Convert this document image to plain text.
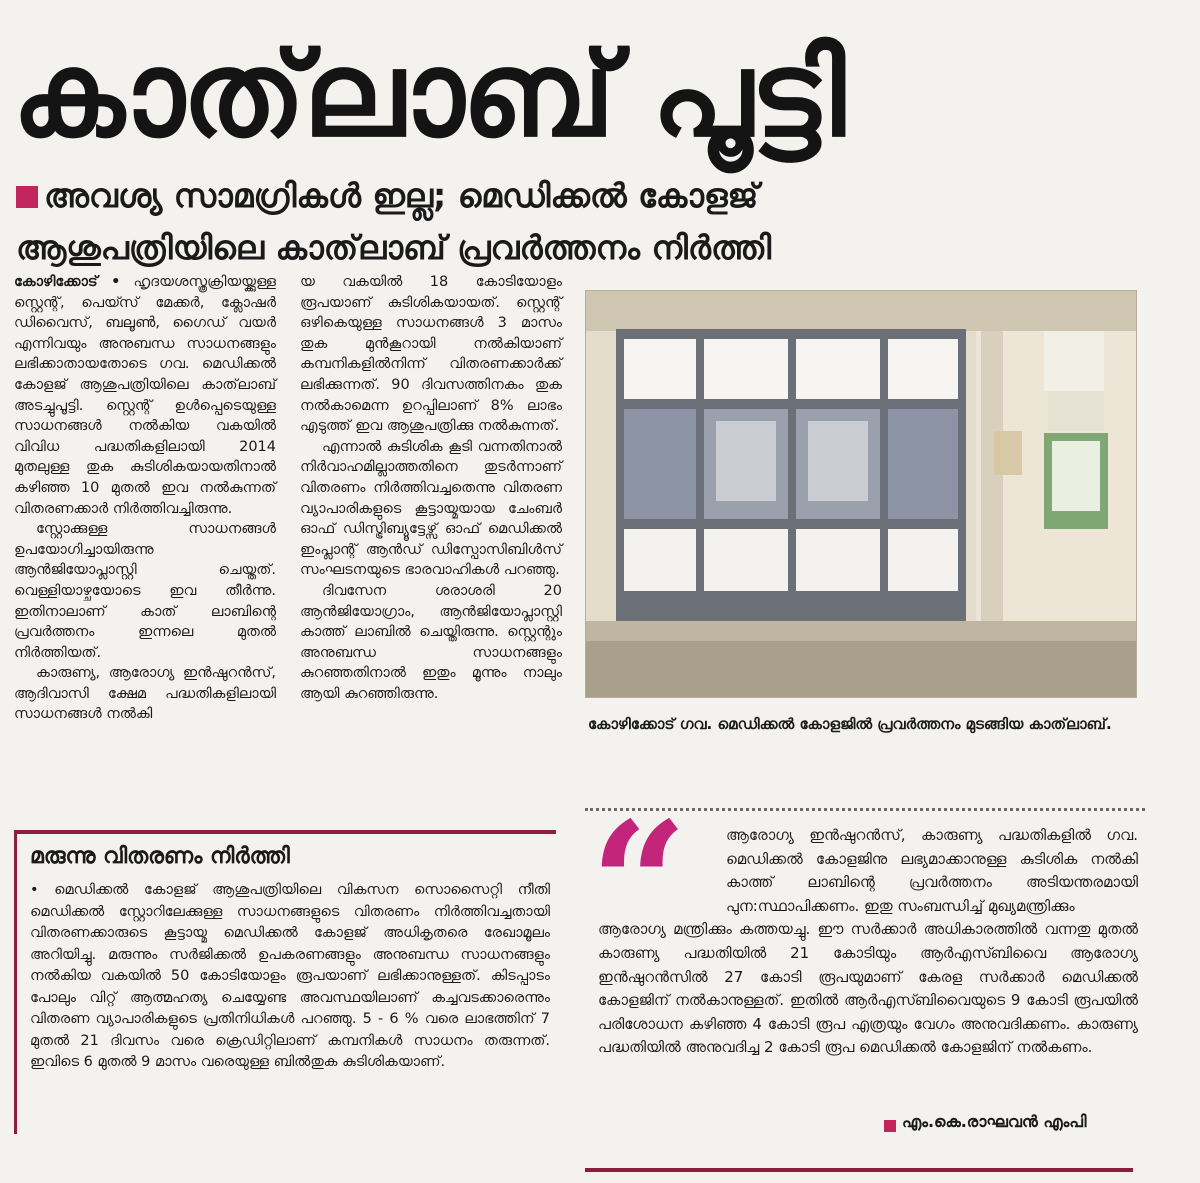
കാത്‌ലാബ് പൂട്ടി
അവശ്യ സാമഗ്രികൾ ഇല്ല; മെഡിക്കൽ കോളജ്
ആശുപത്രിയിലെ കാത്‌ലാബ് പ്രവർത്തനം നിർത്തി

കോഴിക്കോട് • ഹൃദയശസ്ത്രക്രിയയ്ക്കുള്ള സ്റ്റെന്റ്, പെയ്സ് മേക്കർ, ക്ലോഷർ ഡിവൈസ്, ബലൂൺ, ഗൈഡ് വയർ എന്നിവയും അനുബന്ധ സാധനങ്ങളും ലഭിക്കാതായതോടെ ഗവ. മെഡിക്കൽ കോളജ് ആശുപത്രിയിലെ കാത്‌ലാബ് അടച്ചുപൂട്ടി. സ്റ്റെന്റ് ഉൾപ്പെടെയുള്ള സാധനങ്ങൾ നൽകിയ വകയിൽ വിവിധ പദ്ധതികളിലായി 2014 മുതലുള്ള തുക കുടിശികയായതിനാൽ കഴിഞ്ഞ 10 മുതൽ ഇവ നൽകുന്നത് വിതരണക്കാർ നിർത്തിവച്ചിരുന്നു.

സ്റ്റോക്കുള്ള സാധനങ്ങൾ ഉപയോഗിച്ചായിരുന്നു ആൻജിയോപ്ലാസ്റ്റി ചെയ്തത്. വെള്ളിയാഴ്ചയോടെ ഇവ തീർന്നു. ഇതിനാലാണ് കാത് ലാബിന്റെ പ്രവർത്തനം ഇന്നലെ മുതൽ നിർത്തിയത്.

കാരുണ്യ, ആരോഗ്യ ഇൻഷുറൻസ്, ആദിവാസി ക്ഷേമ പദ്ധതികളിലായി സാധനങ്ങൾ നൽകി

യ വകയിൽ 18 കോടിയോളം രൂപയാണ് കുടിശികയായത്. സ്റ്റെന്റ് ഒഴികെയുള്ള സാധനങ്ങൾ 3 മാസം തുക മുൻകൂറായി നൽകിയാണ് കമ്പനികളിൽനിന്ന് വിതരണക്കാർക്ക് ലഭിക്കുന്നത്. 90 ദിവസത്തിനകം തുക നൽകാമെന്ന ഉറപ്പിലാണ് 8% ലാഭം എടുത്ത് ഇവ ആശുപത്രിക്കു നൽകുന്നത്.

എന്നാൽ കുടിശിക കൂടി വന്നതിനാൽ നിർവാഹമില്ലാത്തതിനെ തുടർന്നാണ് വിതരണം നിർത്തിവച്ചതെന്നു വിതരണ വ്യാപാരികളുടെ കൂട്ടായ്മയായ ചേംബർ ഓഫ് ഡിസ്ട്രിബ്യൂട്ടേഴ്സ് ഓഫ് മെഡിക്കൽ ഇംപ്ലാന്റ് ആൻഡ് ഡിസ്പോസിബിൾസ് സംഘടനയുടെ ഭാരവാഹികൾ പറഞ്ഞു.

ദിവസേന ശരാശരി 20 ആൻജിയോഗ്രാം, ആൻജിയോപ്ലാസ്റ്റി കാത്ത് ലാബിൽ ചെയ്തിരുന്നു. സ്റ്റെന്റും അനുബന്ധ സാധനങ്ങളും കുറഞ്ഞതിനാൽ ഇതും മൂന്നും നാലും ആയി കുറഞ്ഞിരുന്നു.

കോഴിക്കോട് ഗവ. മെഡിക്കൽ കോളജിൽ പ്രവർത്തനം മുടങ്ങിയ കാത്‌ലാബ്.
മരുന്നു വിതരണം നിർത്തി
• മെഡിക്കൽ കോളജ് ആശുപത്രിയിലെ വികസന സൊസൈറ്റി നീതി മെഡിക്കൽ സ്റ്റോറിലേക്കുള്ള സാധനങ്ങളുടെ വിതരണം നിർത്തിവച്ചതായി വിതരണക്കാരുടെ കൂട്ടായ്മ മെഡിക്കൽ കോളജ് അധികൃതരെ രേഖാമൂലം അറിയിച്ചു. മരുന്നും സർജിക്കൽ ഉപകരണങ്ങളും അനുബന്ധ സാധനങ്ങളും നൽകിയ വകയിൽ 50 കോടിയോളം രൂപയാണ് ലഭിക്കാനുള്ളത്. കിടപ്പാടം പോലും വിറ്റ് ആത്മഹത്യ ചെയ്യേണ്ട അവസ്ഥയിലാണ് കച്ചവടക്കാരെന്നും വിതരണ വ്യാപാരികളുടെ പ്രതിനിധികൾ പറഞ്ഞു. 5 - 6 % വരെ ലാഭത്തിന് 7 മുതൽ 21 ദിവസം വരെ ക്രെഡിറ്റിലാണ് കമ്പനികൾ സാധനം തരുന്നത്. ഇവിടെ 6 മുതൽ 9 മാസം വരെയുള്ള ബിൽതുക കുടിശികയാണ്.
“	ആരോഗ്യ ഇൻഷുറൻസ്, കാരുണ്യ പദ്ധതികളിൽ ഗവ. മെഡിക്കൽ കോളജിനു ലഭ്യമാക്കാനുള്ള കുടിശിക നൽകി കാത്ത് ലാബിന്റെ പ്രവർത്തനം അടിയന്തരമായി പുന:സ്ഥാപിക്കണം. ഇതു സംബന്ധിച്ച് മുഖ്യമന്ത്രിക്കും
ആരോഗ്യ മന്ത്രിക്കും കത്തയച്ചു. ഈ സർക്കാർ അധികാരത്തിൽ വന്നതു മുതൽ കാരുണ്യ പദ്ധതിയിൽ 21 കോടിയും ആർഎസ്ബിവൈ ആരോഗ്യ ഇൻഷുറൻസിൽ 27 കോടി രൂപയുമാണ് കേരള സർക്കാർ മെഡിക്കൽ കോളജിന് നൽകാനുള്ളത്. ഇതിൽ ആർഎസ്ബിവൈയുടെ 9 കോടി രൂപയിൽ പരിശോധന കഴിഞ്ഞ 4 കോടി രൂപ എത്രയും വേഗം അനുവദിക്കണം. കാരുണ്യ പദ്ധതിയിൽ അനുവദിച്ച 2 കോടി രൂപ മെഡിക്കൽ കോളജിന് നൽകണം.
എം.കെ.രാഘവൻ എംപി
